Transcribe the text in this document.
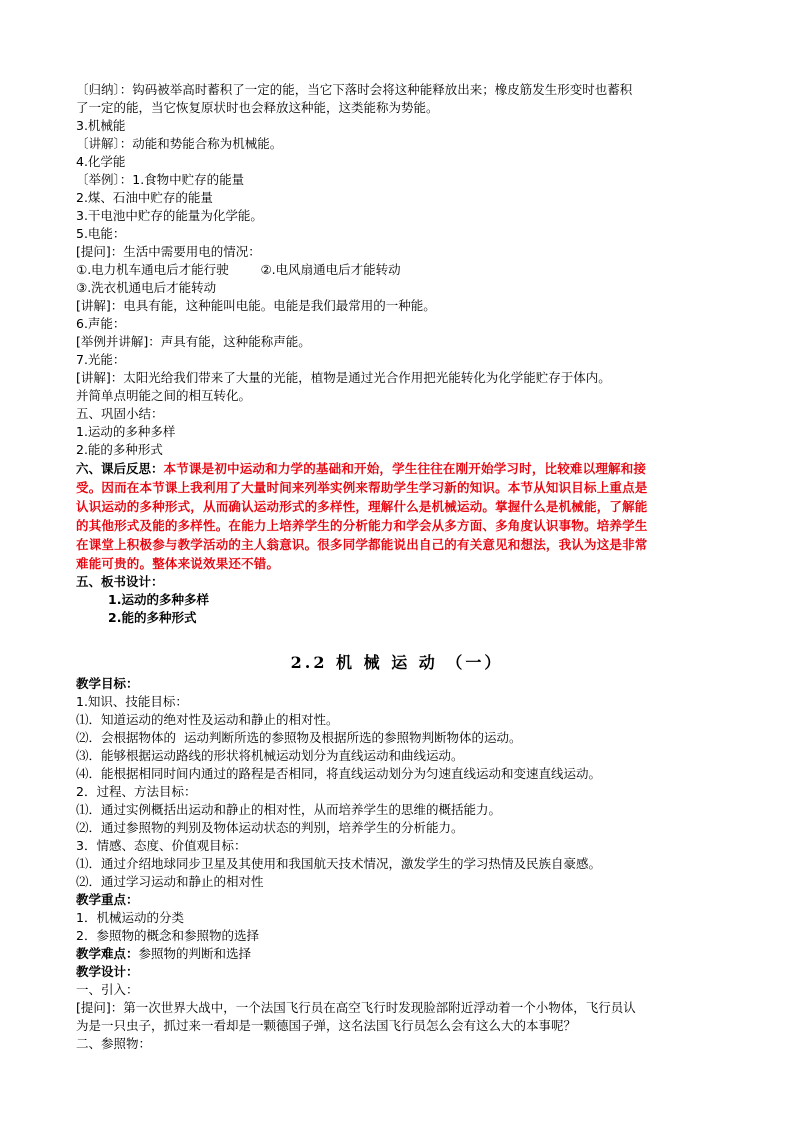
〔归纳〕：钩码被举高时蓄积了一定的能，当它下落时会将这种能释放出来；橡皮筋发生形变时也蓄积
了一定的能，当它恢复原状时也会释放这种能，这类能称为势能。
3.机械能
〔讲解〕：动能和势能合称为机械能。
4.化学能
〔举例〕：1.食物中贮存的能量
2.煤、石油中贮存的能量
3.干电池中贮存的能量为化学能。
5.电能：
[提问]：生活中需要用电的情况：
①.电力机车通电后才能行驶        ②.电风扇通电后才能转动
③.洗衣机通电后才能转动
[讲解]：电具有能，这种能叫电能。电能是我们最常用的一种能。
6.声能：
[举例并讲解]：声具有能，这种能称声能。
7.光能：
[讲解]：太阳光给我们带来了大量的光能，植物是通过光合作用把光能转化为化学能贮存于体内。
并简单点明能之间的相互转化。
五、巩固小结：
1.运动的多种多样
2.能的多种形式
六、课后反思：本节课是初中运动和力学的基础和开始，学生往往在刚开始学习时，比较难以理解和接
受。因而在本节课上我利用了大量时间来列举实例来帮助学生学习新的知识。本节从知识目标上重点是
认识运动的多种形式，从而确认运动形式的多样性，理解什么是机械运动。掌握什么是机械能，了解能
的其他形式及能的多样性。在能力上培养学生的分析能力和学会从多方面、多角度认识事物。培养学生
在课堂上积极参与教学活动的主人翁意识。很多同学都能说出自己的有关意见和想法，我认为这是非常
难能可贵的。整体来说效果还不错。
五、板书设计：
1.运动的多种多样
2.能的多种形式
2.2 机 械 运 动 （一）
教学目标：
1.知识、技能目标：
⑴．知道运动的绝对性及运动和静止的相对性。
⑵．会根据物体的  运动判断所选的参照物及根据所选的参照物判断物体的运动。
⑶．能够根据运动路线的形状将机械运动划分为直线运动和曲线运动。
⑷．能根据相同时间内通过的路程是否相同，将直线运动划分为匀速直线运动和变速直线运动。
2．过程、方法目标：
⑴．通过实例概括出运动和静止的相对性，从而培养学生的思维的概括能力。
⑵．通过参照物的判别及物体运动状态的判别，培养学生的分析能力。
3．情感、态度、价值观目标：
⑴．通过介绍地球同步卫星及其使用和我国航天技术情况，激发学生的学习热情及民族自豪感。
⑵．通过学习运动和静止的相对性
教学重点：
1．机械运动的分类
2．参照物的概念和参照物的选择
教学难点：参照物的判断和选择
教学设计：
一、引入：
[提问]：第一次世界大战中，一个法国飞行员在高空飞行时发现脸部附近浮动着一个小物体，飞行员认
为是一只虫子，抓过来一看却是一颗德国子弹，这名法国飞行员怎么会有这么大的本事呢？
二、参照物：
